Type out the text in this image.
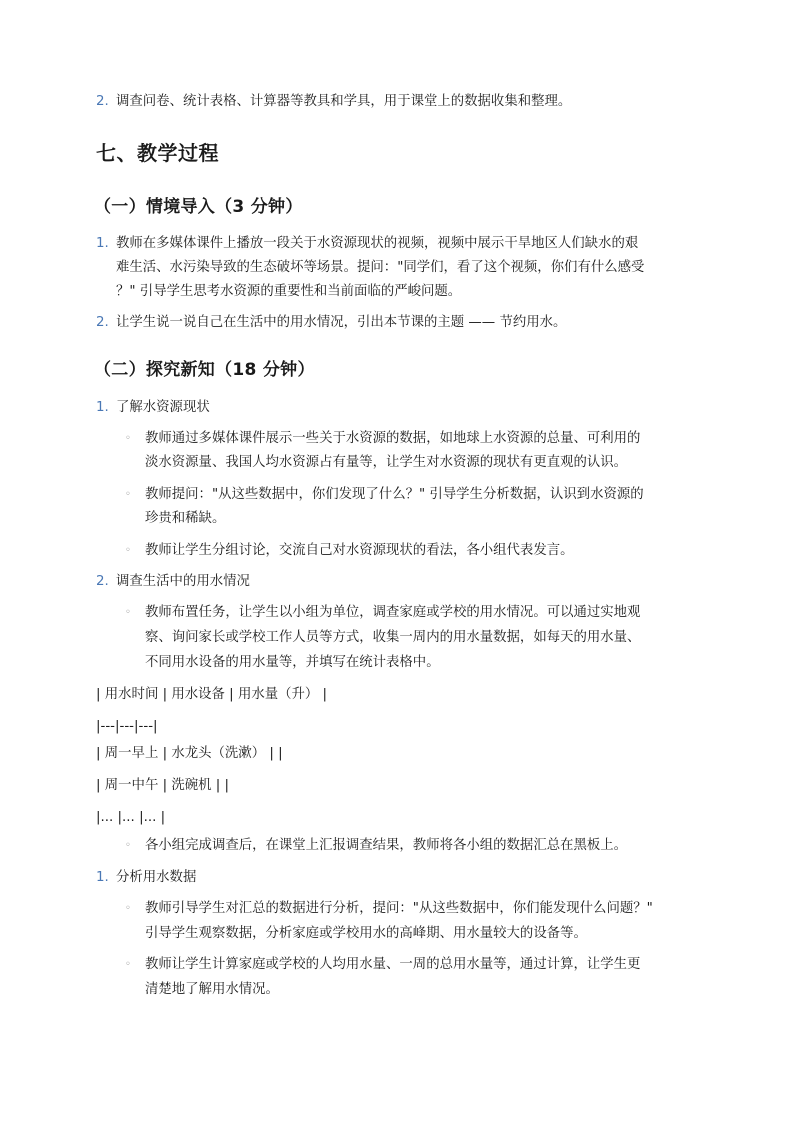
2. 调查问卷、统计表格、计算器等教具和学具，用于课堂上的数据收集和整理。
七、教学过程
（一）情境导入（3 分钟）
1. 教师在多媒体课件上播放一段关于水资源现状的视频，视频中展示干旱地区人们缺水的艰
难生活、水污染导致的生态破坏等场景。提问："同学们，看了这个视频，你们有什么感受
？" 引导学生思考水资源的重要性和当前面临的严峻问题。
2. 让学生说一说自己在生活中的用水情况，引出本节课的主题 —— 节约用水。
（二）探究新知（18 分钟）
1. 了解水资源现状
◦ 教师通过多媒体课件展示一些关于水资源的数据，如地球上水资源的总量、可利用的
淡水资源量、我国人均水资源占有量等，让学生对水资源的现状有更直观的认识。
◦ 教师提问："从这些数据中，你们发现了什么？" 引导学生分析数据，认识到水资源的
珍贵和稀缺。
◦ 教师让学生分组讨论，交流自己对水资源现状的看法，各小组代表发言。
2. 调查生活中的用水情况
◦ 教师布置任务，让学生以小组为单位，调查家庭或学校的用水情况。可以通过实地观
察、询问家长或学校工作人员等方式，收集一周内的用水量数据，如每天的用水量、
不同用水设备的用水量等，并填写在统计表格中。
| 用水时间 | 用水设备 | 用水量（升） |
|---|---|---|
| 周一早上 | 水龙头（洗漱） | |
| 周一中午 | 洗碗机 | |
|... |... |... |
◦ 各小组完成调查后，在课堂上汇报调查结果，教师将各小组的数据汇总在黑板上。
1. 分析用水数据
◦ 教师引导学生对汇总的数据进行分析，提问："从这些数据中，你们能发现什么问题？"
引导学生观察数据，分析家庭或学校用水的高峰期、用水量较大的设备等。
◦ 教师让学生计算家庭或学校的人均用水量、一周的总用水量等，通过计算，让学生更
清楚地了解用水情况。
